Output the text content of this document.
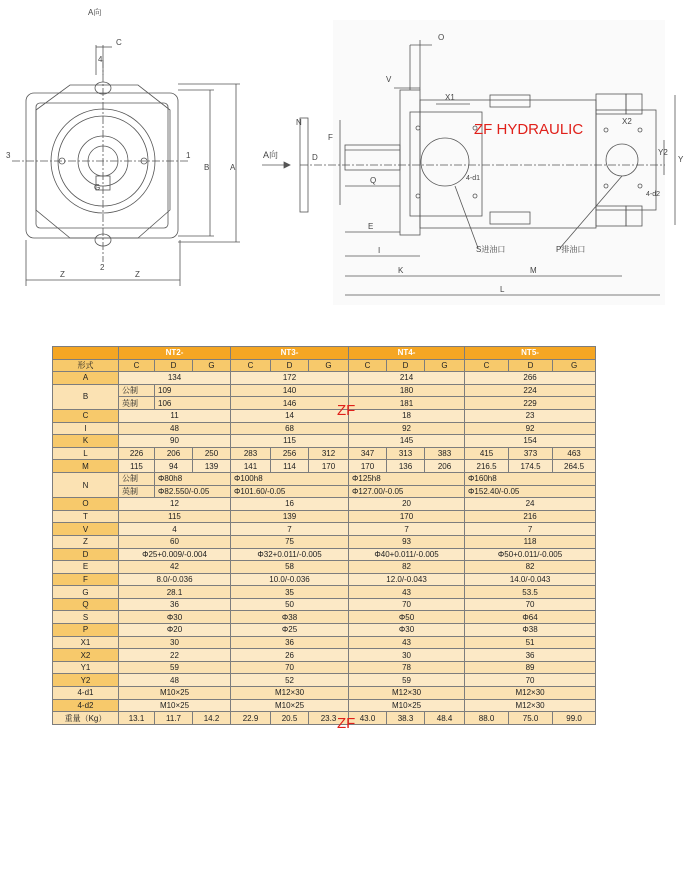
A向
C
4
3	1
2
G
B	A
Z	Z
A向
O
V
X1
X2
Y2
Y
N
D
F
Q
E
I
K	M
L
4-d1
4-d2
S进油口	P排油口
ZF HYDRAULIC
	NT2-			NT3-			NT4-			NT5-		
形式	C	D	G	C	D	G	C	D	G	C	D	G
A	134			172			214			266		
B	公制	109		140			180			224		
	英制	106		146			181			229		
C	11			14			18			23		
I	48			68			92			92		
K	90			115			145			154		
L	226	206	250	283	256	312	347	313	383	415	373	463
M	115	94	139	141	114	170	170	136	206	216.5	174.5	264.5
N	公制	Φ80h8		Φ100h8			Φ125h8			Φ160h8		
	英制	Φ82.550/-0.05		Φ101.60/-0.05			Φ127.00/-0.05			Φ152.40/-0.05		
O	12			16			20			24		
T	115			139			170			216		
V	4			7			7			7		
Z	60			75			93			118		
D	Φ25+0.009/-0.004			Φ32+0.011/-0.005			Φ40+0.011/-0.005			Φ50+0.011/-0.005		
E	42			58			82			82		
F	8.0/-0.036			10.0/-0.036			12.0/-0.043			14.0/-0.043		
G	28.1			35			43			53.5		
Q	36			50			70			70		
S	Φ30			Φ38			Φ50			Φ64		
P	Φ20			Φ25			Φ30			Φ38		
X1	30			36			43			51		
X2	22			26			30			36		
Y1	59			70			78			89		
Y2	48			52			59			70		
4-d1	M10×25			M12×30			M12×30			M12×30		
4-d2	M10×25			M10×25			M10×25			M12×30		
重量（Kg）	13.1	11.7	14.2	22.9	20.5	23.3	43.0	38.3	48.4	88.0	75.0	99.0
ZF
ZF
